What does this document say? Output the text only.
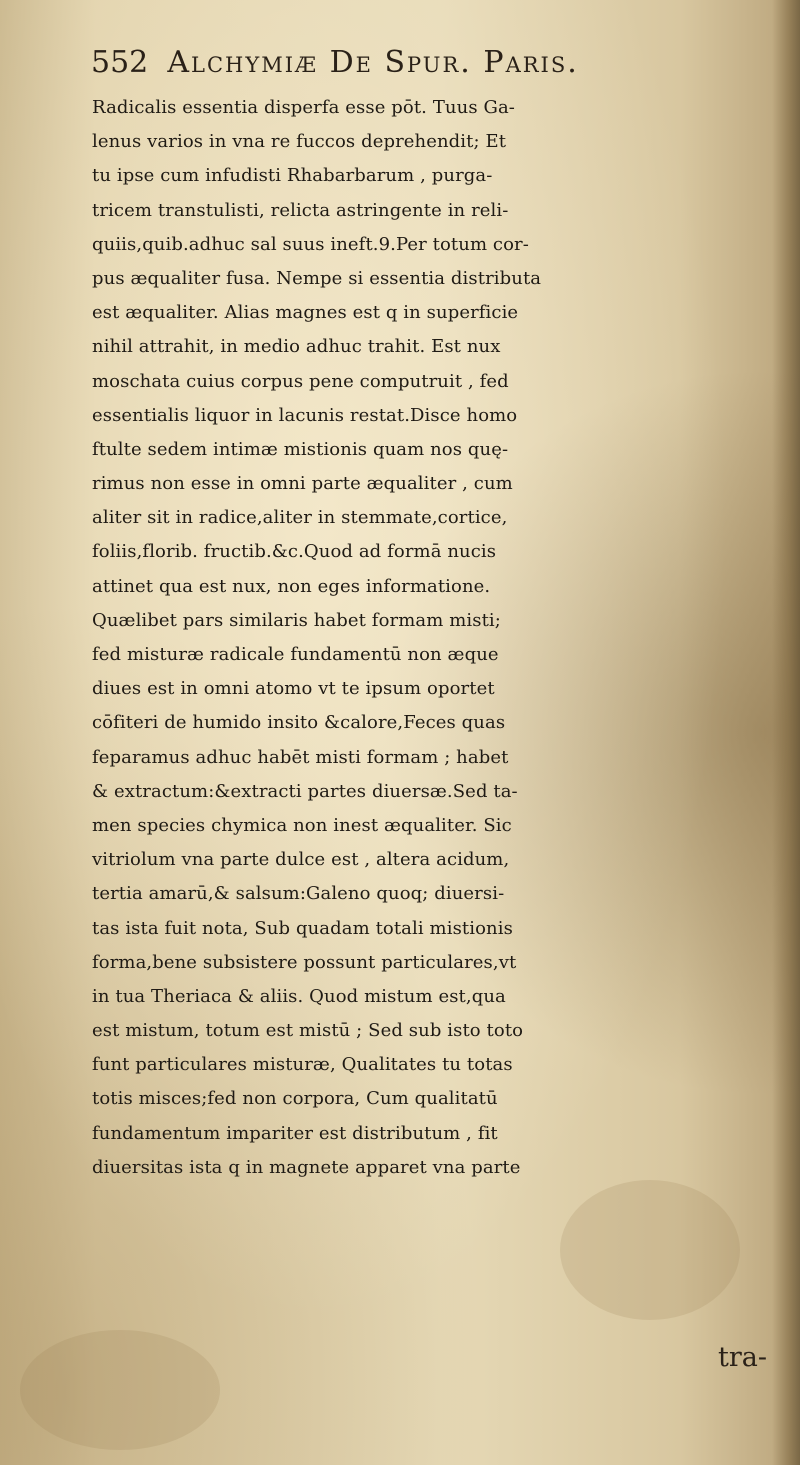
552 Alchymiæ De Spur. Paris.
Radicalis essentia disperfa esse pōt. Tuus Ga-
lenus varios in vna re fuccos deprehendit; Et
tu ipse cum infudisti Rhabarbarum , purga-
tricem transtulisti, relicta astringente in reli-
quiis,quib.adhuc sal suus ineft.9.Per totum cor-
pus æqualiter fusa. Nempe si essentia distributa
est æqualiter. Alias magnes est q in superficie
nihil attrahit, in medio adhuc trahit. Est nux
moschata cuius corpus pene computruit , fed
essentialis liquor in lacunis restat.Disce homo
ftulte sedem intimæ mistionis quam nos quę-
rimus non esse in omni parte æqualiter , cum
aliter sit in radice,aliter in stemmate,cortice,
foliis,florib. fructib.&c.Quod ad formā nucis
attinet qua est nux, non eges informatione.
Quælibet pars similaris habet formam misti;
fed misturæ radicale fundamentū non æque
diues est in omni atomo vt te ipsum oportet
cōfiteri de humido insito &calore,Feces quas
feparamus adhuc habēt misti formam ; habet
& extractum:&extracti partes diuersæ.Sed ta-
men species chymica non inest æqualiter. Sic
vitriolum vna parte dulce est , altera acidum,
tertia amarū,& salsum:Galeno quoq; diuersi-
tas ista fuit nota, Sub quadam totali mistionis
forma,bene subsistere possunt particulares,vt
in tua Theriaca & aliis. Quod mistum est,qua
est mistum, totum est mistū ; Sed sub isto toto
funt particulares misturæ, Qualitates tu totas
totis misces;fed non corpora, Cum qualitatū
fundamentum impariter est distributum , fit
diuersitas ista q in magnete apparet vna parte
tra-
